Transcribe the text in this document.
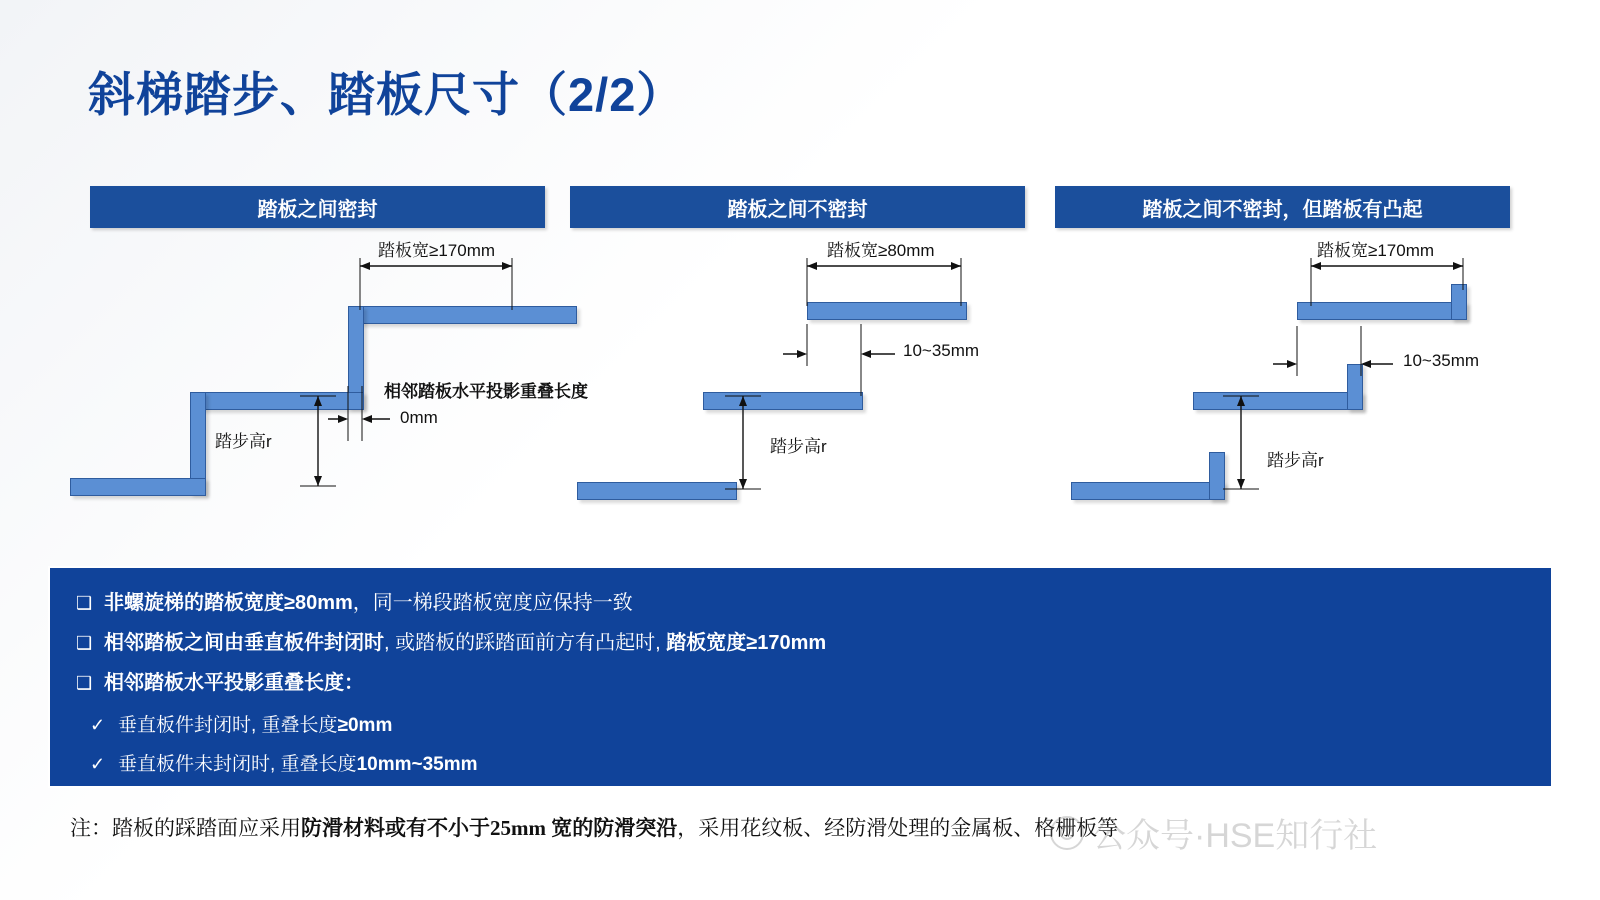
斜梯踏步、踏板尺寸（2/2）
踏板之间密封	踏板之间不密封	踏板之间不密封，但踏板有凸起
踏板宽≥170mm
相邻踏板水平投影重叠长度
0mm
踏步高r
踏板宽≥80mm
10~35mm
踏步高r
踏板宽≥170mm
10~35mm
踏步高r
❑ 非螺旋梯的踏板宽度≥80mm，同一梯段踏板宽度应保持一致
❑ 相邻踏板之间由垂直板件封闭时, 或踏板的踩踏面前方有凸起时, 踏板宽度≥170mm
❑ 相邻踏板水平投影重叠长度：
✓ 垂直板件封闭时, 重叠长度≥0mm
✓ 垂直板件未封闭时, 重叠长度10mm~35mm
注：踏板的踩踏面应采用防滑材料或有不小于25mm 宽的防滑突沿，采用花纹板、经防滑处理的金属板、格栅板等
公众号·HSE知行社
